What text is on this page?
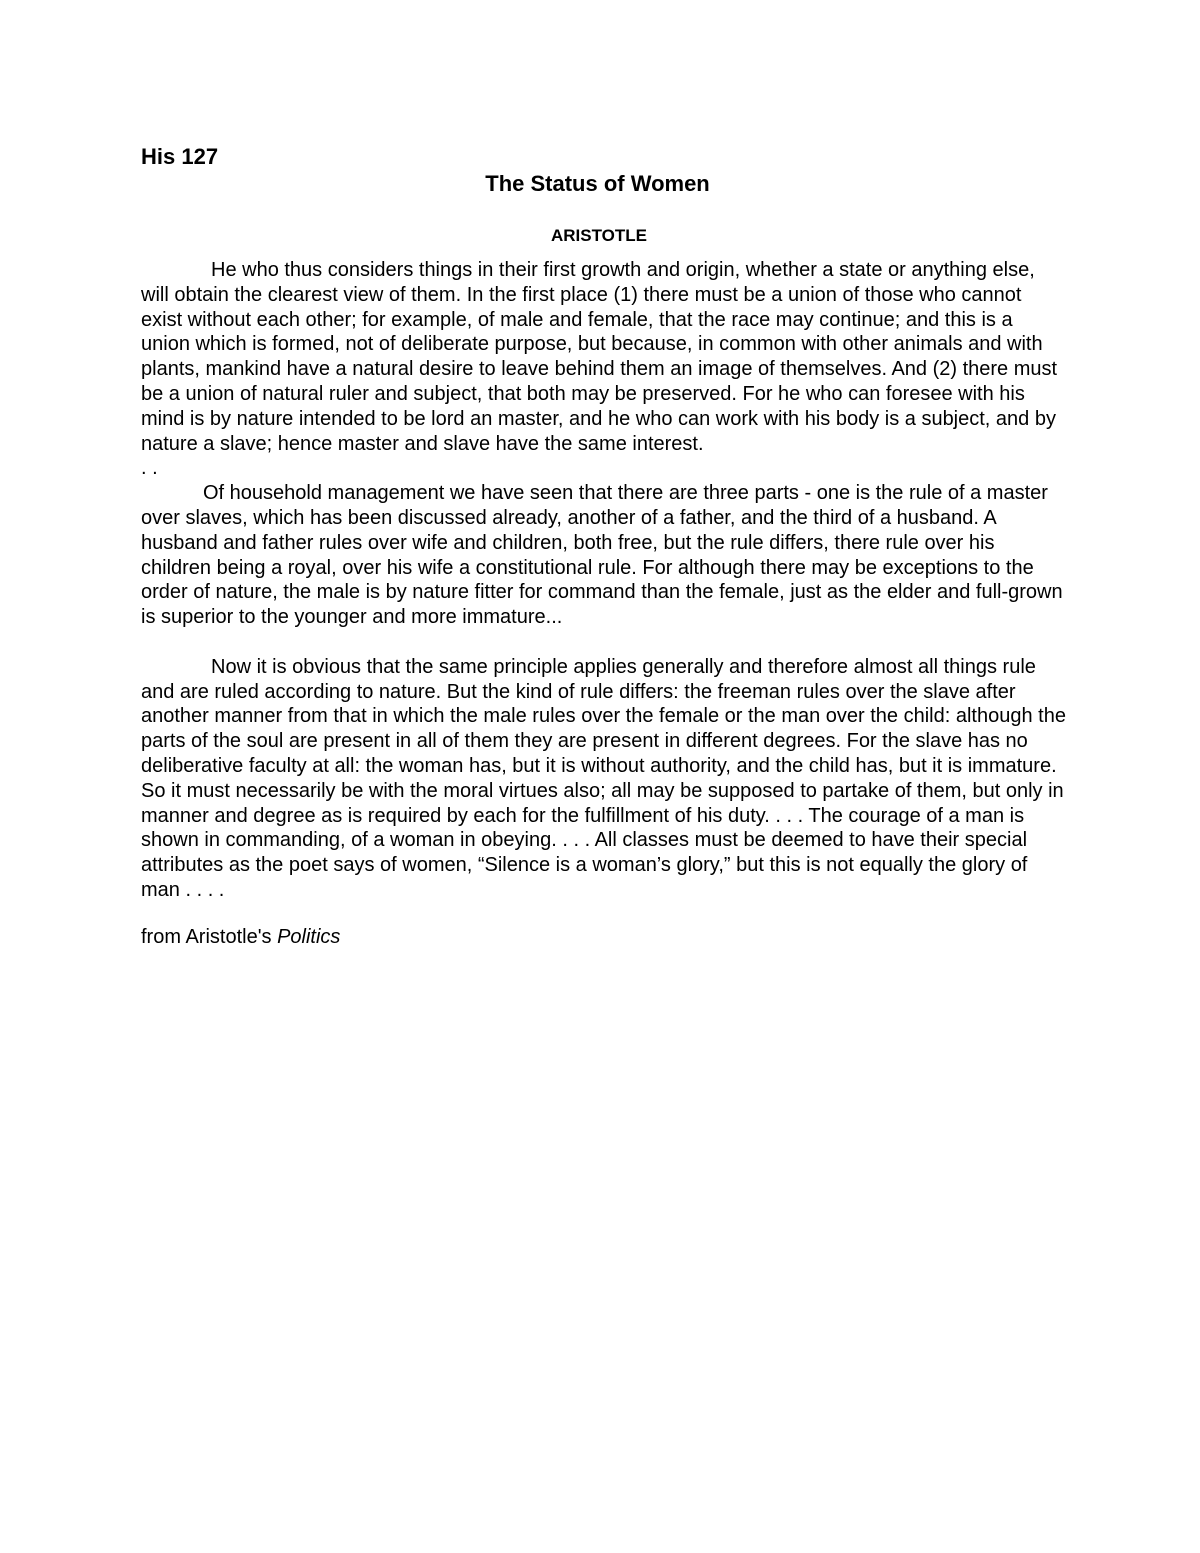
His 127
The Status of Women
ARISTOTLE

He who thus considers things in their first growth and origin, whether a state or anything else, will obtain the clearest view of them. In the first place (1) there must be a union of those who cannot exist without each other; for example, of male and female, that the race may continue; and this is a union which is formed, not of deliberate purpose, but because, in common with other animals and with plants, mankind have a natural desire to leave behind them an image of themselves. And (2) there must be a union of natural ruler and subject, that both may be preserved. For he who can foresee with his mind is by nature intended to be lord an master, and he who can work with his body is a subject, and by nature a slave; hence master and slave have the same interest.

. .

Of household management we have seen that there are three parts - one is the rule of a master over slaves, which has been discussed already, another of a father, and the third of a husband. A husband and father rules over wife and children, both free, but the rule differs, there rule over his children being a royal, over his wife a constitutional rule. For although there may be exceptions to the order of nature, the male is by nature fitter for command than the female, just as the elder and full-grown is superior to the younger and more immature...

Now it is obvious that the same principle applies generally and therefore almost all things rule and are ruled according to nature. But the kind of rule differs: the freeman rules over the slave after another manner from that in which the male rules over the female or the man over the child: although the parts of the soul are present in all of them they are present in different degrees. For the slave has no deliberative faculty at all: the woman has, but it is without authority, and the child has, but it is immature. So it must necessarily be with the moral virtues also; all may be supposed to partake of them, but only in manner and degree as is required by each for the fulfillment of his duty. . . . The courage of a man is shown in commanding, of a woman in obeying. . . . All classes must be deemed to have their special attributes as the poet says of women, “Silence is a woman’s glory,” but this is not equally the glory of man . . . .

from Aristotle's Politics
